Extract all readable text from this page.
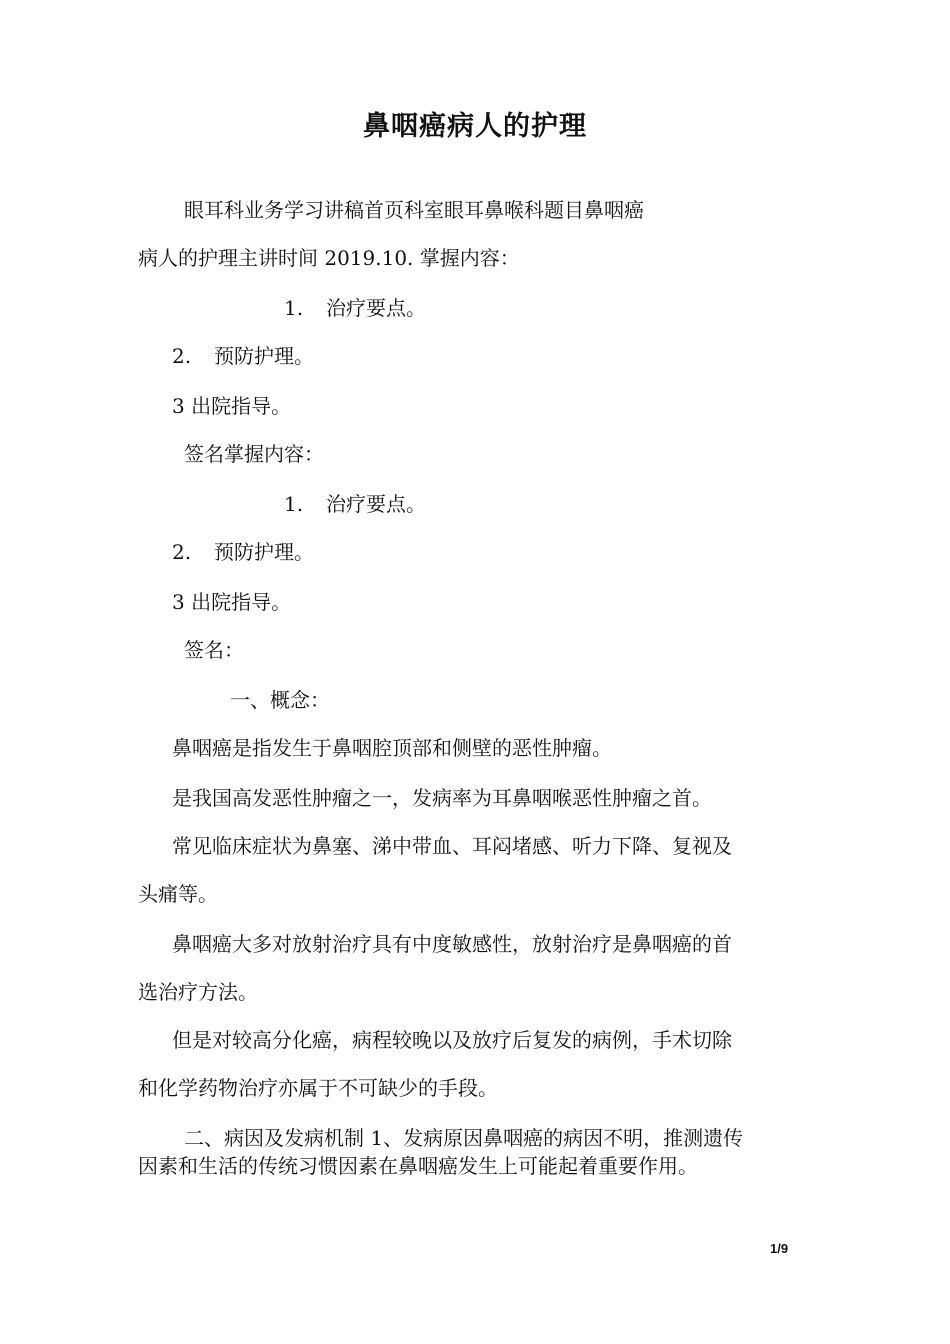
鼻咽癌病人的护理
眼耳科业务学习讲稿首页科室眼耳鼻喉科题目鼻咽癌
病人的护理主讲时间 2019.10. 掌握内容：
1. 治疗要点。
2. 预防护理。
3 出院指导。
签名掌握内容：
1. 治疗要点。
2. 预防护理。
3 出院指导。
签名：
一、概念：
鼻咽癌是指发生于鼻咽腔顶部和侧壁的恶性肿瘤。
是我国高发恶性肿瘤之一，发病率为耳鼻咽喉恶性肿瘤之首。
常见临床症状为鼻塞、涕中带血、耳闷堵感、听力下降、复视及
头痛等。
鼻咽癌大多对放射治疗具有中度敏感性，放射治疗是鼻咽癌的首
选治疗方法。
但是对较高分化癌，病程较晚以及放疗后复发的病例，手术切除
和化学药物治疗亦属于不可缺少的手段。
二、病因及发病机制 1、发病原因鼻咽癌的病因不明，推测遗传
因素和生活的传统习惯因素在鼻咽癌发生上可能起着重要作用。
1/9
